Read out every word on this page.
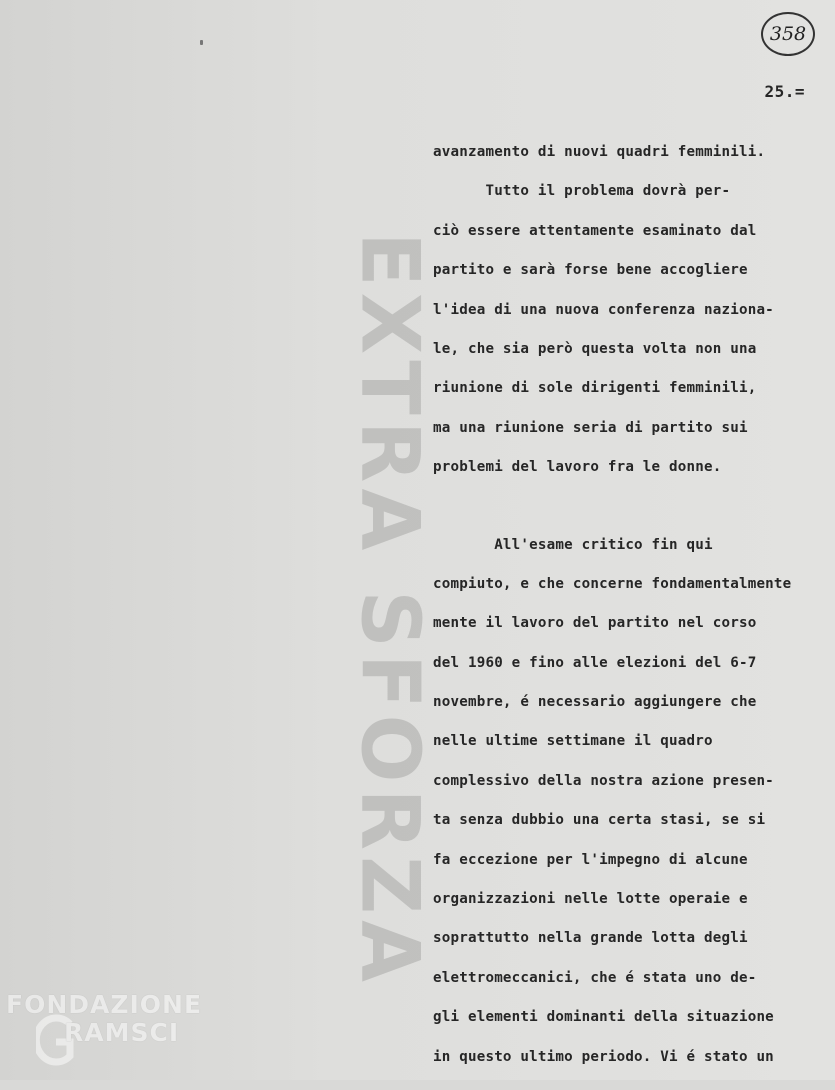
358
25.=
EXTRA SFORZA
avanzamento di nuovi quadri femminili.
Tutto il problema dovrà per-
ciò essere attentamente esaminato dal
partito e sarà forse bene accogliere
l'idea di una nuova conferenza naziona-
le, che sia però questa volta non una
riunione di sole dirigenti femminili,
ma una riunione seria di partito sui
problemi del lavoro fra le donne.
All'esame critico fin qui
compiuto, e che concerne fondamentalmente
mente il lavoro del partito nel corso
del 1960 e fino alle elezioni del 6-7
novembre, é necessario aggiungere che
nelle ultime settimane il quadro
complessivo della nostra azione presen-
ta senza dubbio una certa stasi, se si
fa eccezione per l'impegno di alcune
organizzazioni nelle lotte operaie e
soprattutto nella grande lotta degli
elettromeccanici, che é stata uno de-
gli elementi dominanti della situazione
in questo ultimo periodo. Vi é stato un
FONDAZIONE
RAMSCI
